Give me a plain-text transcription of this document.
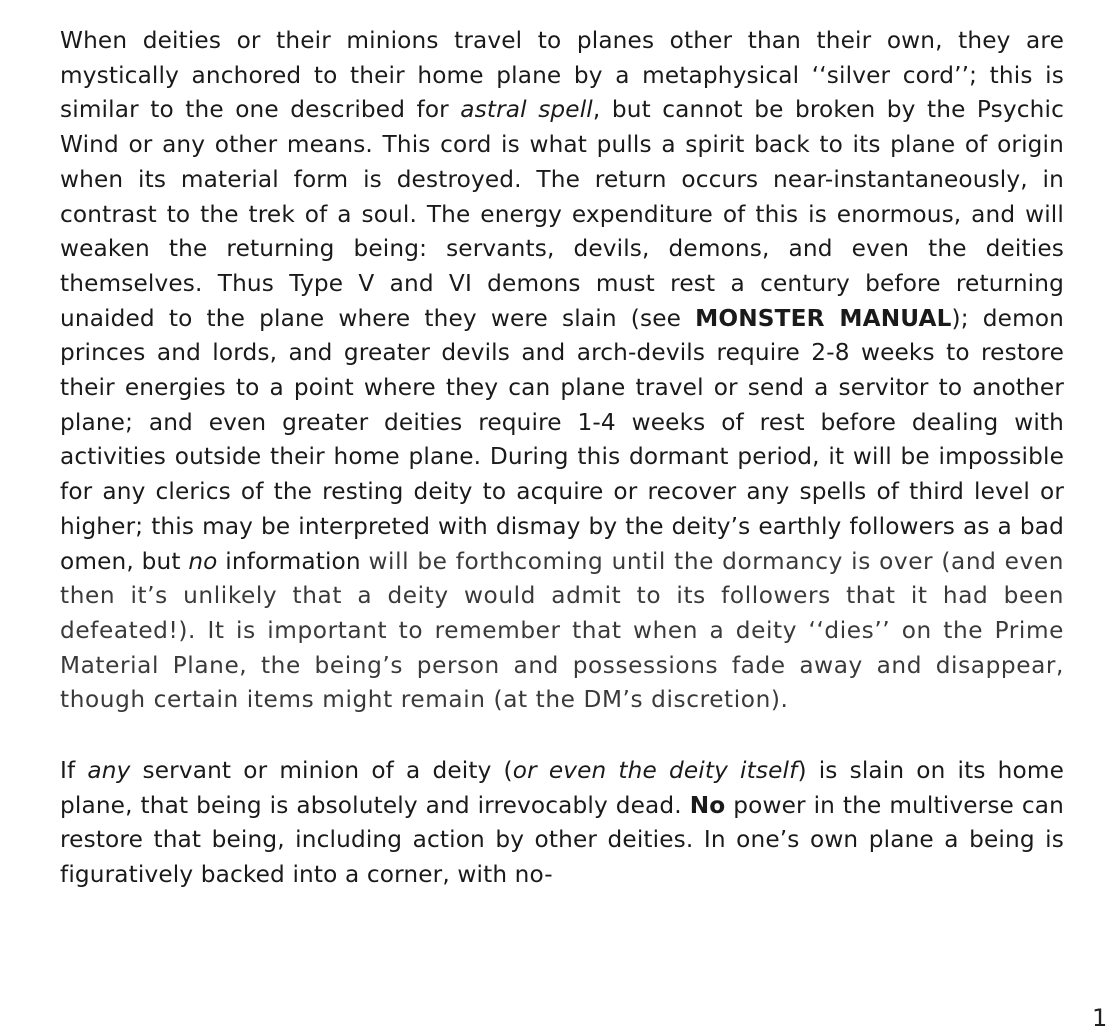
When deities or their minions travel to planes other than their own, they are mystically anchored to their home plane by a metaphysical ‘‘silver cord’’; this is similar to the one described for astral spell, but cannot be broken by the Psychic Wind or any other means. This cord is what pulls a spirit back to its plane of origin when its material form is destroyed. The return occurs near-instantaneously, in contrast to the trek of a soul. The energy expenditure of this is enormous, and will weaken the returning being: servants, devils, demons, and even the deities themselves. Thus Type V and VI demons must rest a century before returning unaided to the plane where they were slain (see MONSTER MANUAL); demon princes and lords, and greater devils and arch-devils require 2-8 weeks to restore their energies to a point where they can plane travel or send a servitor to another plane; and even greater deities require 1-4 weeks of rest before dealing with activities outside their home plane. During this dormant period, it will be impossible for any clerics of the resting deity to acquire or recover any spells of third level or higher; this may be interpreted with dismay by the deity’s earthly followers as a bad omen, but no information will be forthcoming until the dormancy is over (and even then it’s unlikely that a deity would admit to its followers that it had been defeated!). It is important to remember that when a deity ‘‘dies’’ on the Prime Material Plane, the being’s person and possessions fade away and disappear, though certain items might remain (at the DM’s discretion).

If any servant or minion of a deity (or even the deity itself) is slain on its home plane, that being is absolutely and irrevocably dead. No power in the multiverse can restore that being, including action by other deities. In one’s own plane a being is figuratively backed into a corner, with no-

1
